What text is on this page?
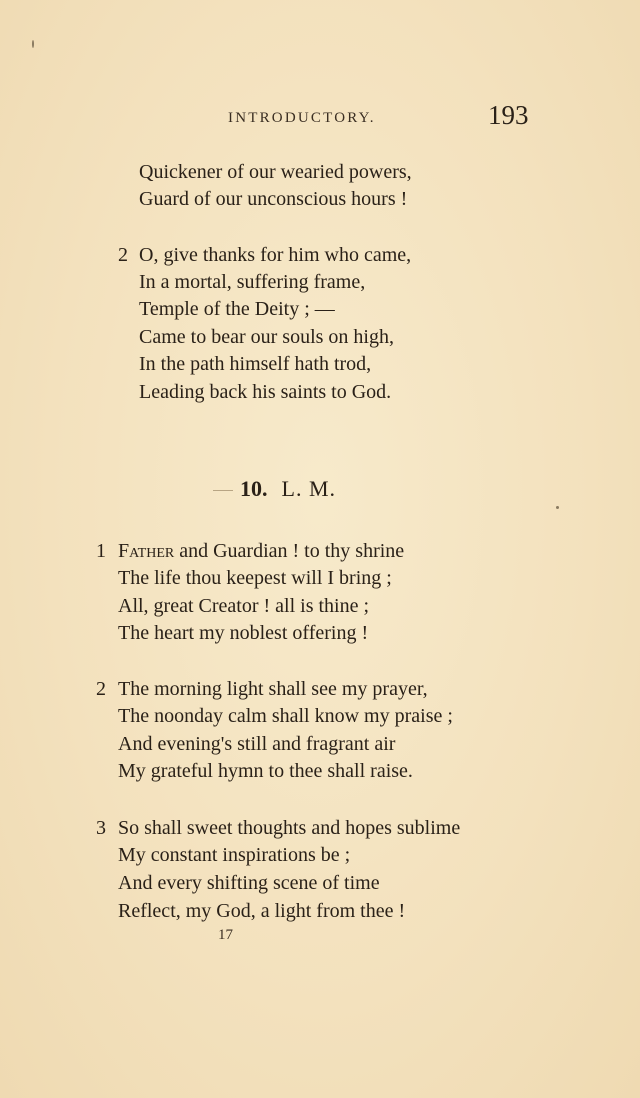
INTRODUCTORY.	193
Quickener of our wearied powers,
Guard of our unconscious hours !
2 O, give thanks for him who came,
In a mortal, suffering frame,
Temple of the Deity ; —
Came to bear our souls on high,
In the path himself hath trod,
Leading back his saints to God.
10. L. M.
1 Father and Guardian ! to thy shrine
The life thou keepest will I bring ;
All, great Creator ! all is thine ;
The heart my noblest offering !
2 The morning light shall see my prayer,
The noonday calm shall know my praise ;
And evening's still and fragrant air
My grateful hymn to thee shall raise.
3 So shall sweet thoughts and hopes sublime
My constant inspirations be ;
And every shifting scene of time
Reflect, my God, a light from thee !
17
